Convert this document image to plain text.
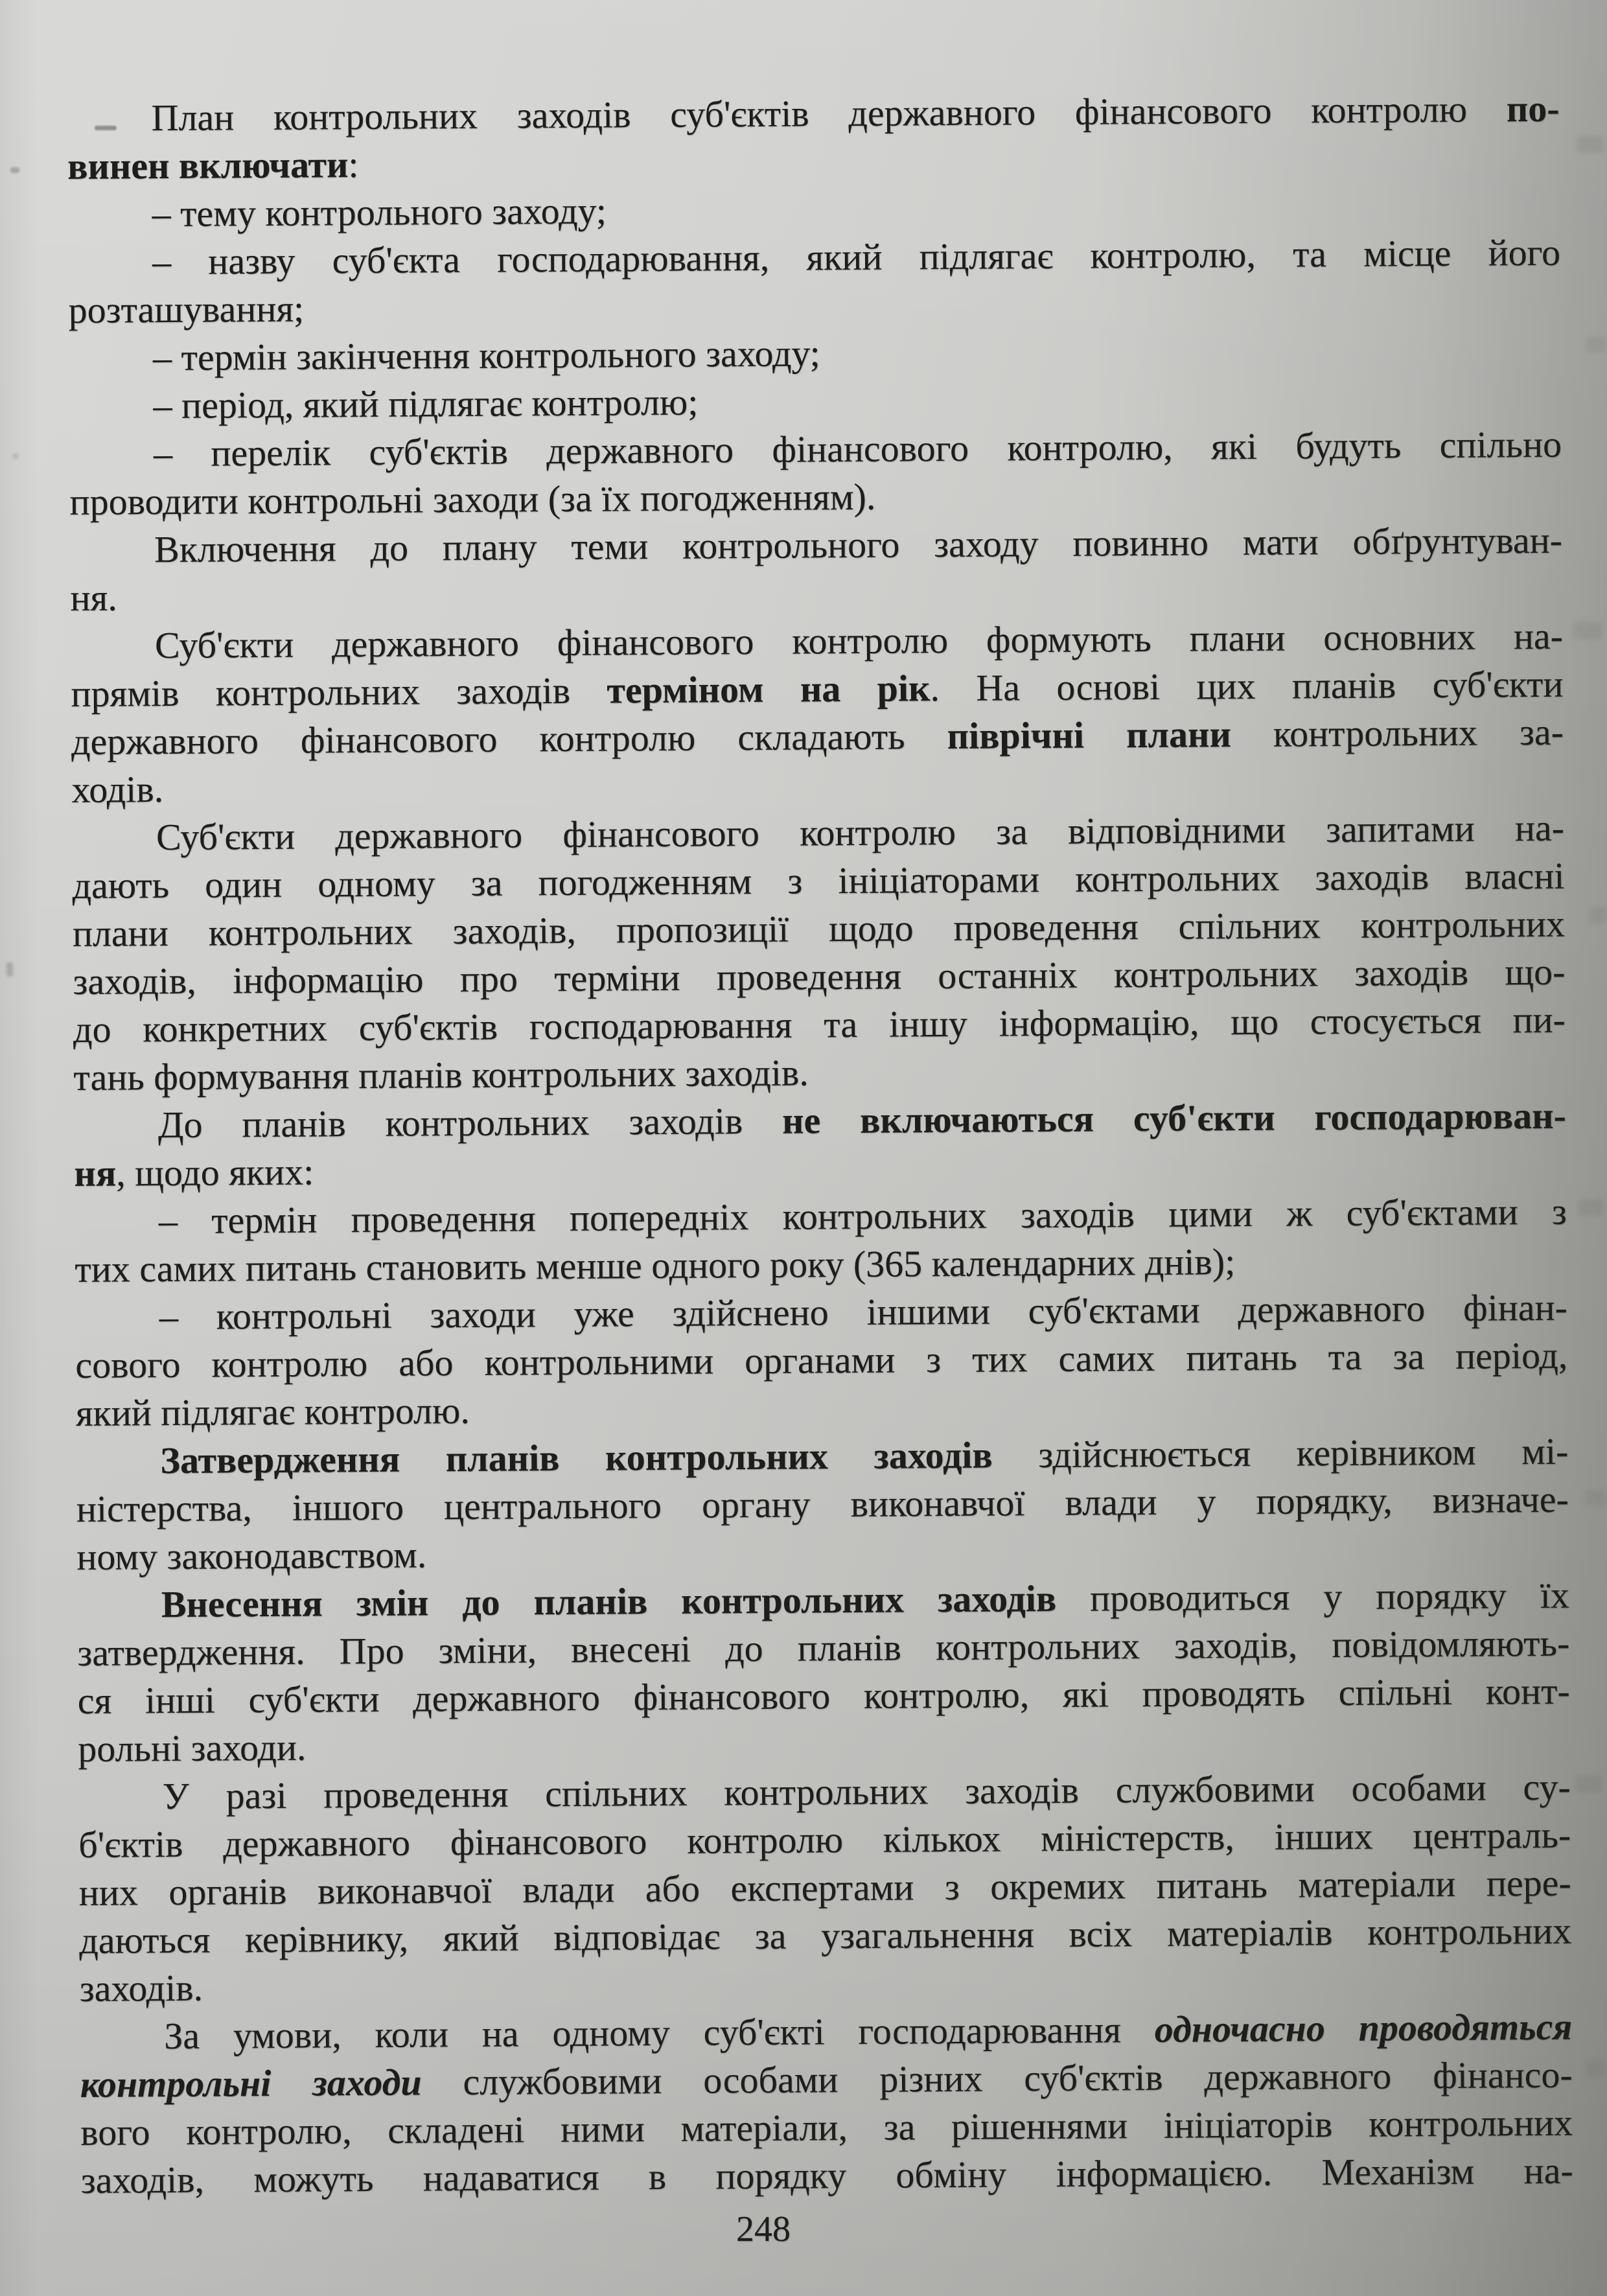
План контрольних заходів суб'єктів державного фінансового контролю по-
винен включати:
– тему контрольного заходу;
– назву суб'єкта господарювання, який підлягає контролю, та місце його
розташування;
– термін закінчення контрольного заходу;
– період, який підлягає контролю;
– перелік суб'єктів державного фінансового контролю, які будуть спільно
проводити контрольні заходи (за їх погодженням).
Включення до плану теми контрольного заходу повинно мати обґрунтуван-
ня.
Суб'єкти державного фінансового контролю формують плани основних на-
прямів контрольних заходів терміном на рік. На основі цих планів суб'єкти
державного фінансового контролю складають піврічні плани контрольних за-
ходів.
Суб'єкти державного фінансового контролю за відповідними запитами на-
дають один одному за погодженням з ініціаторами контрольних заходів власні
плани контрольних заходів, пропозиції щодо проведення спільних контрольних
заходів, інформацію про терміни проведення останніх контрольних заходів що-
до конкретних суб'єктів господарювання та іншу інформацію, що стосується пи-
тань формування планів контрольних заходів.
До планів контрольних заходів не включаються суб'єкти господарюван-
ня, щодо яких:
– термін проведення попередніх контрольних заходів цими ж суб'єктами з
тих самих питань становить менше одного року (365 календарних днів);
– контрольні заходи уже здійснено іншими суб'єктами державного фінан-
сового контролю або контрольними органами з тих самих питань та за період,
який підлягає контролю.
Затвердження планів контрольних заходів здійснюється керівником мі-
ністерства, іншого центрального органу виконавчої влади у порядку, визначе-
ному законодавством.
Внесення змін до планів контрольних заходів проводиться у порядку їх
затвердження. Про зміни, внесені до планів контрольних заходів, повідомляють-
ся інші суб'єкти державного фінансового контролю, які проводять спільні конт-
рольні заходи.
У разі проведення спільних контрольних заходів службовими особами су-
б'єктів державного фінансового контролю кількох міністерств, інших централь-
них органів виконавчої влади або експертами з окремих питань матеріали пере-
даються керівнику, який відповідає за узагальнення всіх матеріалів контрольних
заходів.
За умови, коли на одному суб'єкті господарювання одночасно проводяться
контрольні заходи службовими особами різних суб'єктів державного фінансо-
вого контролю, складені ними матеріали, за рішеннями ініціаторів контрольних
заходів, можуть надаватися в порядку обміну інформацією. Механізм на-
248
